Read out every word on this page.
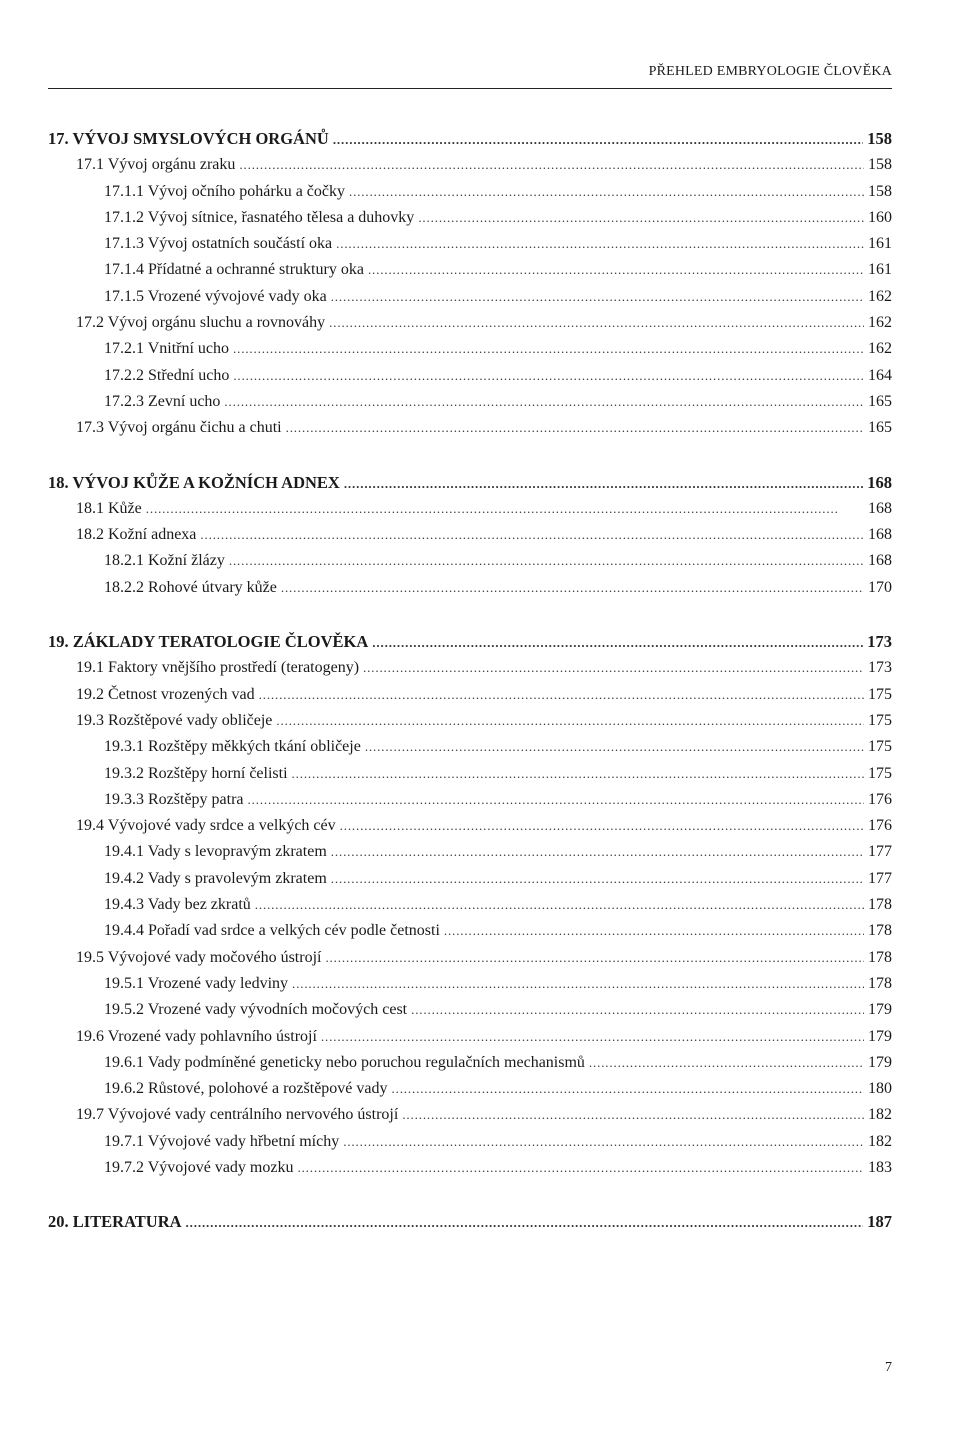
PŘEHLED EMBRYOLOGIE ČLOVĚKA
17. VÝVOJ SMYSLOVÝCH ORGÁNŮ . . .	158
17.1 Vývoj orgánu zraku . . .	158
17.1.1 Vývoj očního pohárku a čočky . . .	158
17.1.2 Vývoj sítnice, řasnatého tělesa a duhovky . . .	160
17.1.3 Vývoj ostatních součástí oka . . .	161
17.1.4 Přídatné a ochranné struktury oka . . .	161
17.1.5 Vrozené vývojové vady oka . . .	162
17.2 Vývoj orgánu sluchu a rovnováhy . . .	162
17.2.1 Vnitřní ucho . . .	162
17.2.2 Střední ucho . . .	164
17.2.3 Zevní ucho . . .	165
17.3 Vývoj orgánu čichu a chuti . . .	165
18. VÝVOJ KŮŽE A KOŽNÍCH ADNEX . . .	168
18.1 Kůže . . .	168
18.2 Kožní adnexa . . .	168
18.2.1 Kožní žlázy . . .	168
18.2.2 Rohové útvary kůže . . .	170
19. ZÁKLADY TERATOLOGIE ČLOVĚKA . . .	173
19.1 Faktory vnějšího prostředí (teratogeny) . . .	173
19.2 Četnost vrozených vad . . .	175
19.3 Rozštěpové vady obličeje . . .	175
19.3.1 Rozštěpy měkkých tkání obličeje . . .	175
19.3.2 Rozštěpy horní čelisti . . .	175
19.3.3 Rozštěpy patra . . .	176
19.4 Vývojové vady srdce a velkých cév . . .	176
19.4.1 Vady s levopravým zkratem . . .	177
19.4.2 Vady s pravolevým zkratem . . .	177
19.4.3 Vady bez zkratů . . .	178
19.4.4 Pořadí vad srdce a velkých cév podle četnosti . . .	178
19.5 Vývojové vady močového ústrojí . . .	178
19.5.1 Vrozené vady ledviny . . .	178
19.5.2 Vrozené vady vývodních močových cest . . .	179
19.6 Vrozené vady pohlavního ústrojí . . .	179
19.6.1 Vady podmíněné geneticky nebo poruchou regulačních mechanismů . . .	179
19.6.2 Růstové, polohové a rozštěpové vady . . .	180
19.7 Vývojové vady centrálního nervového ústrojí . . .	182
19.7.1 Vývojové vady hřbetní míchy . . .	182
19.7.2 Vývojové vady mozku . . .	183
20. LITERATURA . . .	187
7
